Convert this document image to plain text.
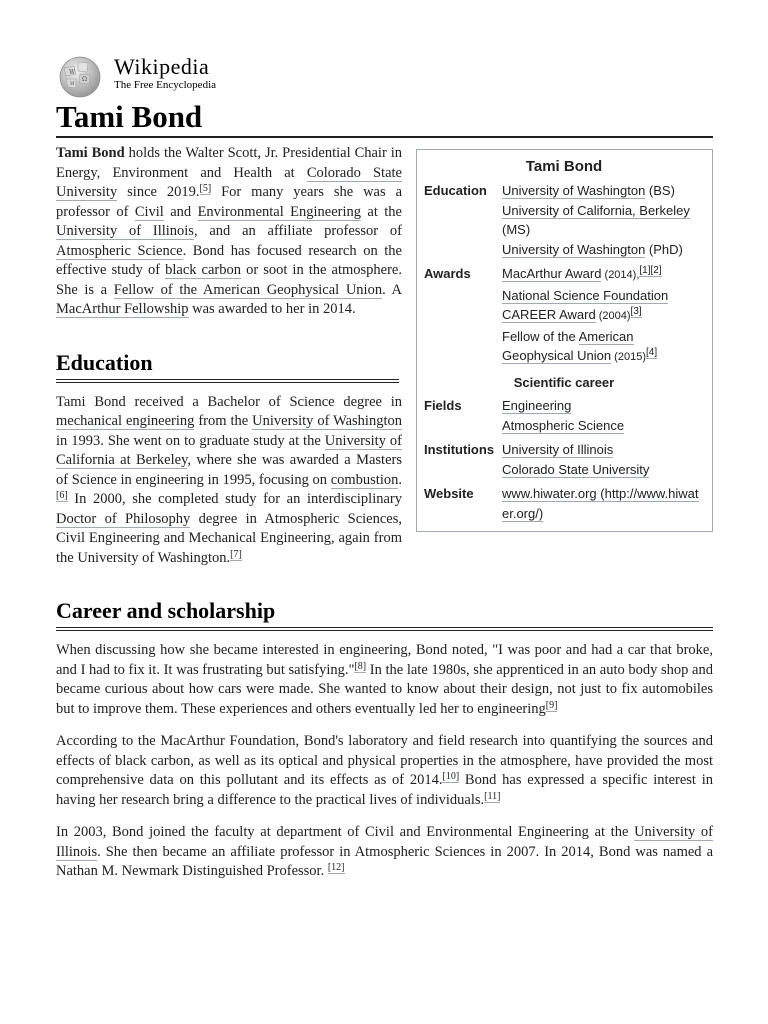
W
Ω
И
Wikipedia
The Free Encyclopedia
Tami Bond
Tami Bond
Education	University of Washington (BS)
University of California, Berkeley (MS)
University of Washington (PhD)
Awards	MacArthur Award (2014),[1][2]
National Science Foundation CAREER Award (2004)[3]
Fellow of the American Geophysical Union (2015)[4]
Scientific career
Fields	Engineering
Atmospheric Science
Institutions University of Illinois
Colorado State University
Website	www.hiwater.org (http://www.hiwater.org/)

Tami Bond holds the Walter Scott, Jr. Presidential Chair in Energy, Environment and Health at Colorado State University since 2019.[5] For many years she was a professor of Civil and Environmental Engineering at the University of Illinois, and an affiliate professor of Atmospheric Science. Bond has focused research on the effective study of black carbon or soot in the atmosphere. She is a Fellow of the American Geophysical Union. A MacArthur Fellowship was awarded to her in 2014.

Education

Tami Bond received a Bachelor of Science degree in mechanical engineering from the University of Washington in 1993. She went on to graduate study at the University of California at Berkeley, where she was awarded a Masters of Science in engineering in 1995, focusing on combustion.[6] In 2000, she completed study for an interdisciplinary Doctor of Philosophy degree in Atmospheric Sciences, Civil Engineering and Mechanical Engineering, again from the University of Washington.[7]

Career and scholarship

When discussing how she became interested in engineering, Bond noted, "I was poor and had a car that broke, and I had to fix it. It was frustrating but satisfying."[8] In the late 1980s, she apprenticed in an auto body shop and became curious about how cars were made. She wanted to know about their design, not just to fix automobiles but to improve them. These experiences and others eventually led her to engineering[9]

According to the MacArthur Foundation, Bond's laboratory and field research into quantifying the sources and effects of black carbon, as well as its optical and physical properties in the atmosphere, have provided the most comprehensive data on this pollutant and its effects as of 2014.[10] Bond has expressed a specific interest in having her research bring a difference to the practical lives of individuals.[11]

In 2003, Bond joined the faculty at department of Civil and Environmental Engineering at the University of Illinois. She then became an affiliate professor in Atmospheric Sciences in 2007. In 2014, Bond was named a Nathan M. Newmark Distinguished Professor. [12]
